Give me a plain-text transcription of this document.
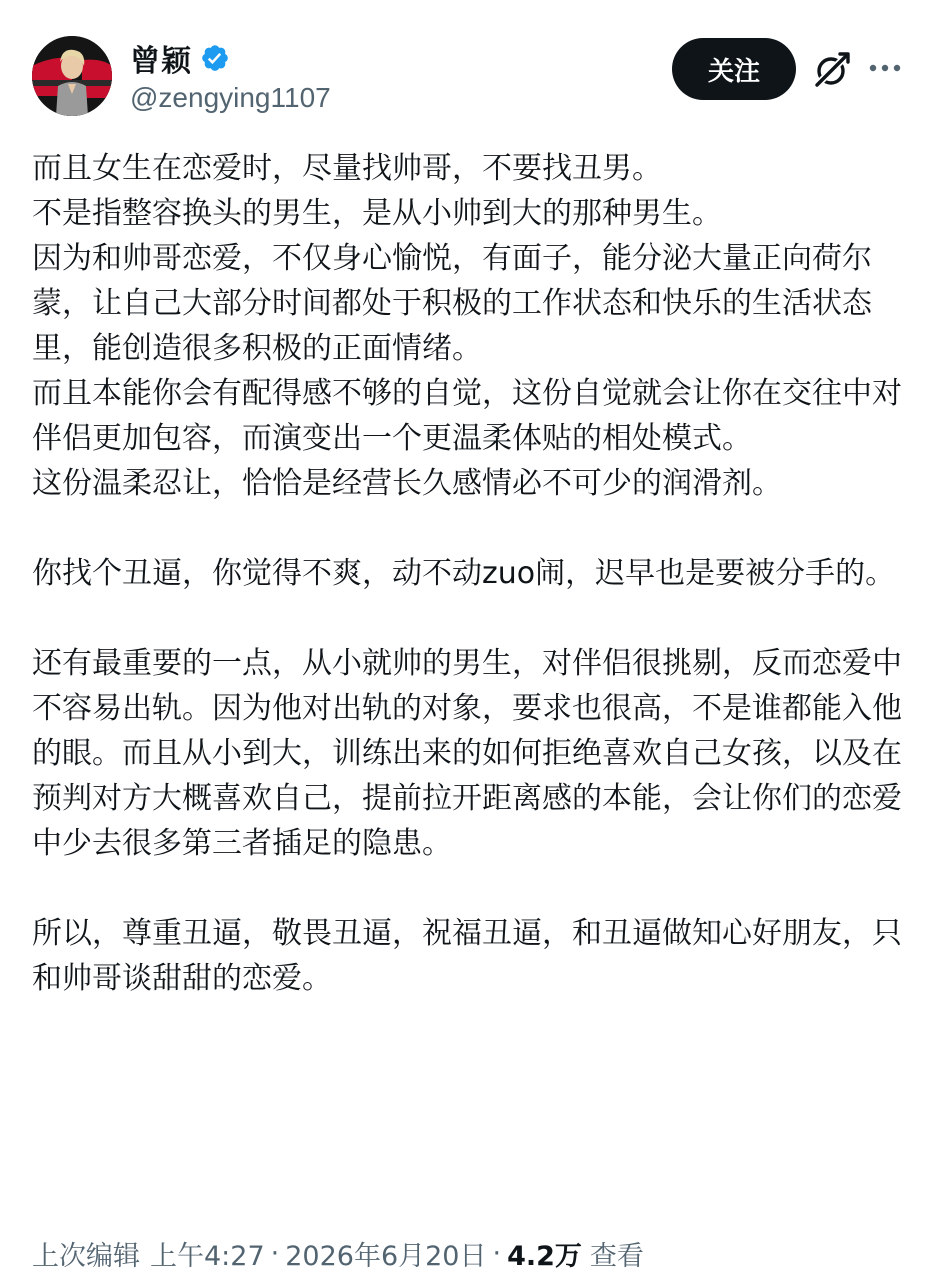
曾颖
@zengying1107
关注

而且女生在恋爱时，尽量找帅哥，不要找丑男。
不是指整容换头的男生，是从小帅到大的那种男生。
因为和帅哥恋爱，不仅身心愉悦，有面子，能分泌大量正向荷尔蒙，让自己大部分时间都处于积极的工作状态和快乐的生活状态里，能创造很多积极的正面情绪。
而且本能你会有配得感不够的自觉，这份自觉就会让你在交往中对伴侣更加包容，而演变出一个更温柔体贴的相处模式。
这份温柔忍让，恰恰是经营长久感情必不可少的润滑剂。

你找个丑逼，你觉得不爽，动不动zuo闹，迟早也是要被分手的。

还有最重要的一点，从小就帅的男生，对伴侣很挑剔，反而恋爱中不容易出轨。因为他对出轨的对象，要求也很高，不是谁都能入他的眼。而且从小到大，训练出来的如何拒绝喜欢自己女孩，以及在预判对方大概喜欢自己，提前拉开距离感的本能，会让你们的恋爱中少去很多第三者插足的隐患。

所以，尊重丑逼，敬畏丑逼，祝福丑逼，和丑逼做知心好朋友，只和帅哥谈甜甜的恋爱。

上次编辑 上午4:27 · 2026年6月20日 · 4.2万 查看
